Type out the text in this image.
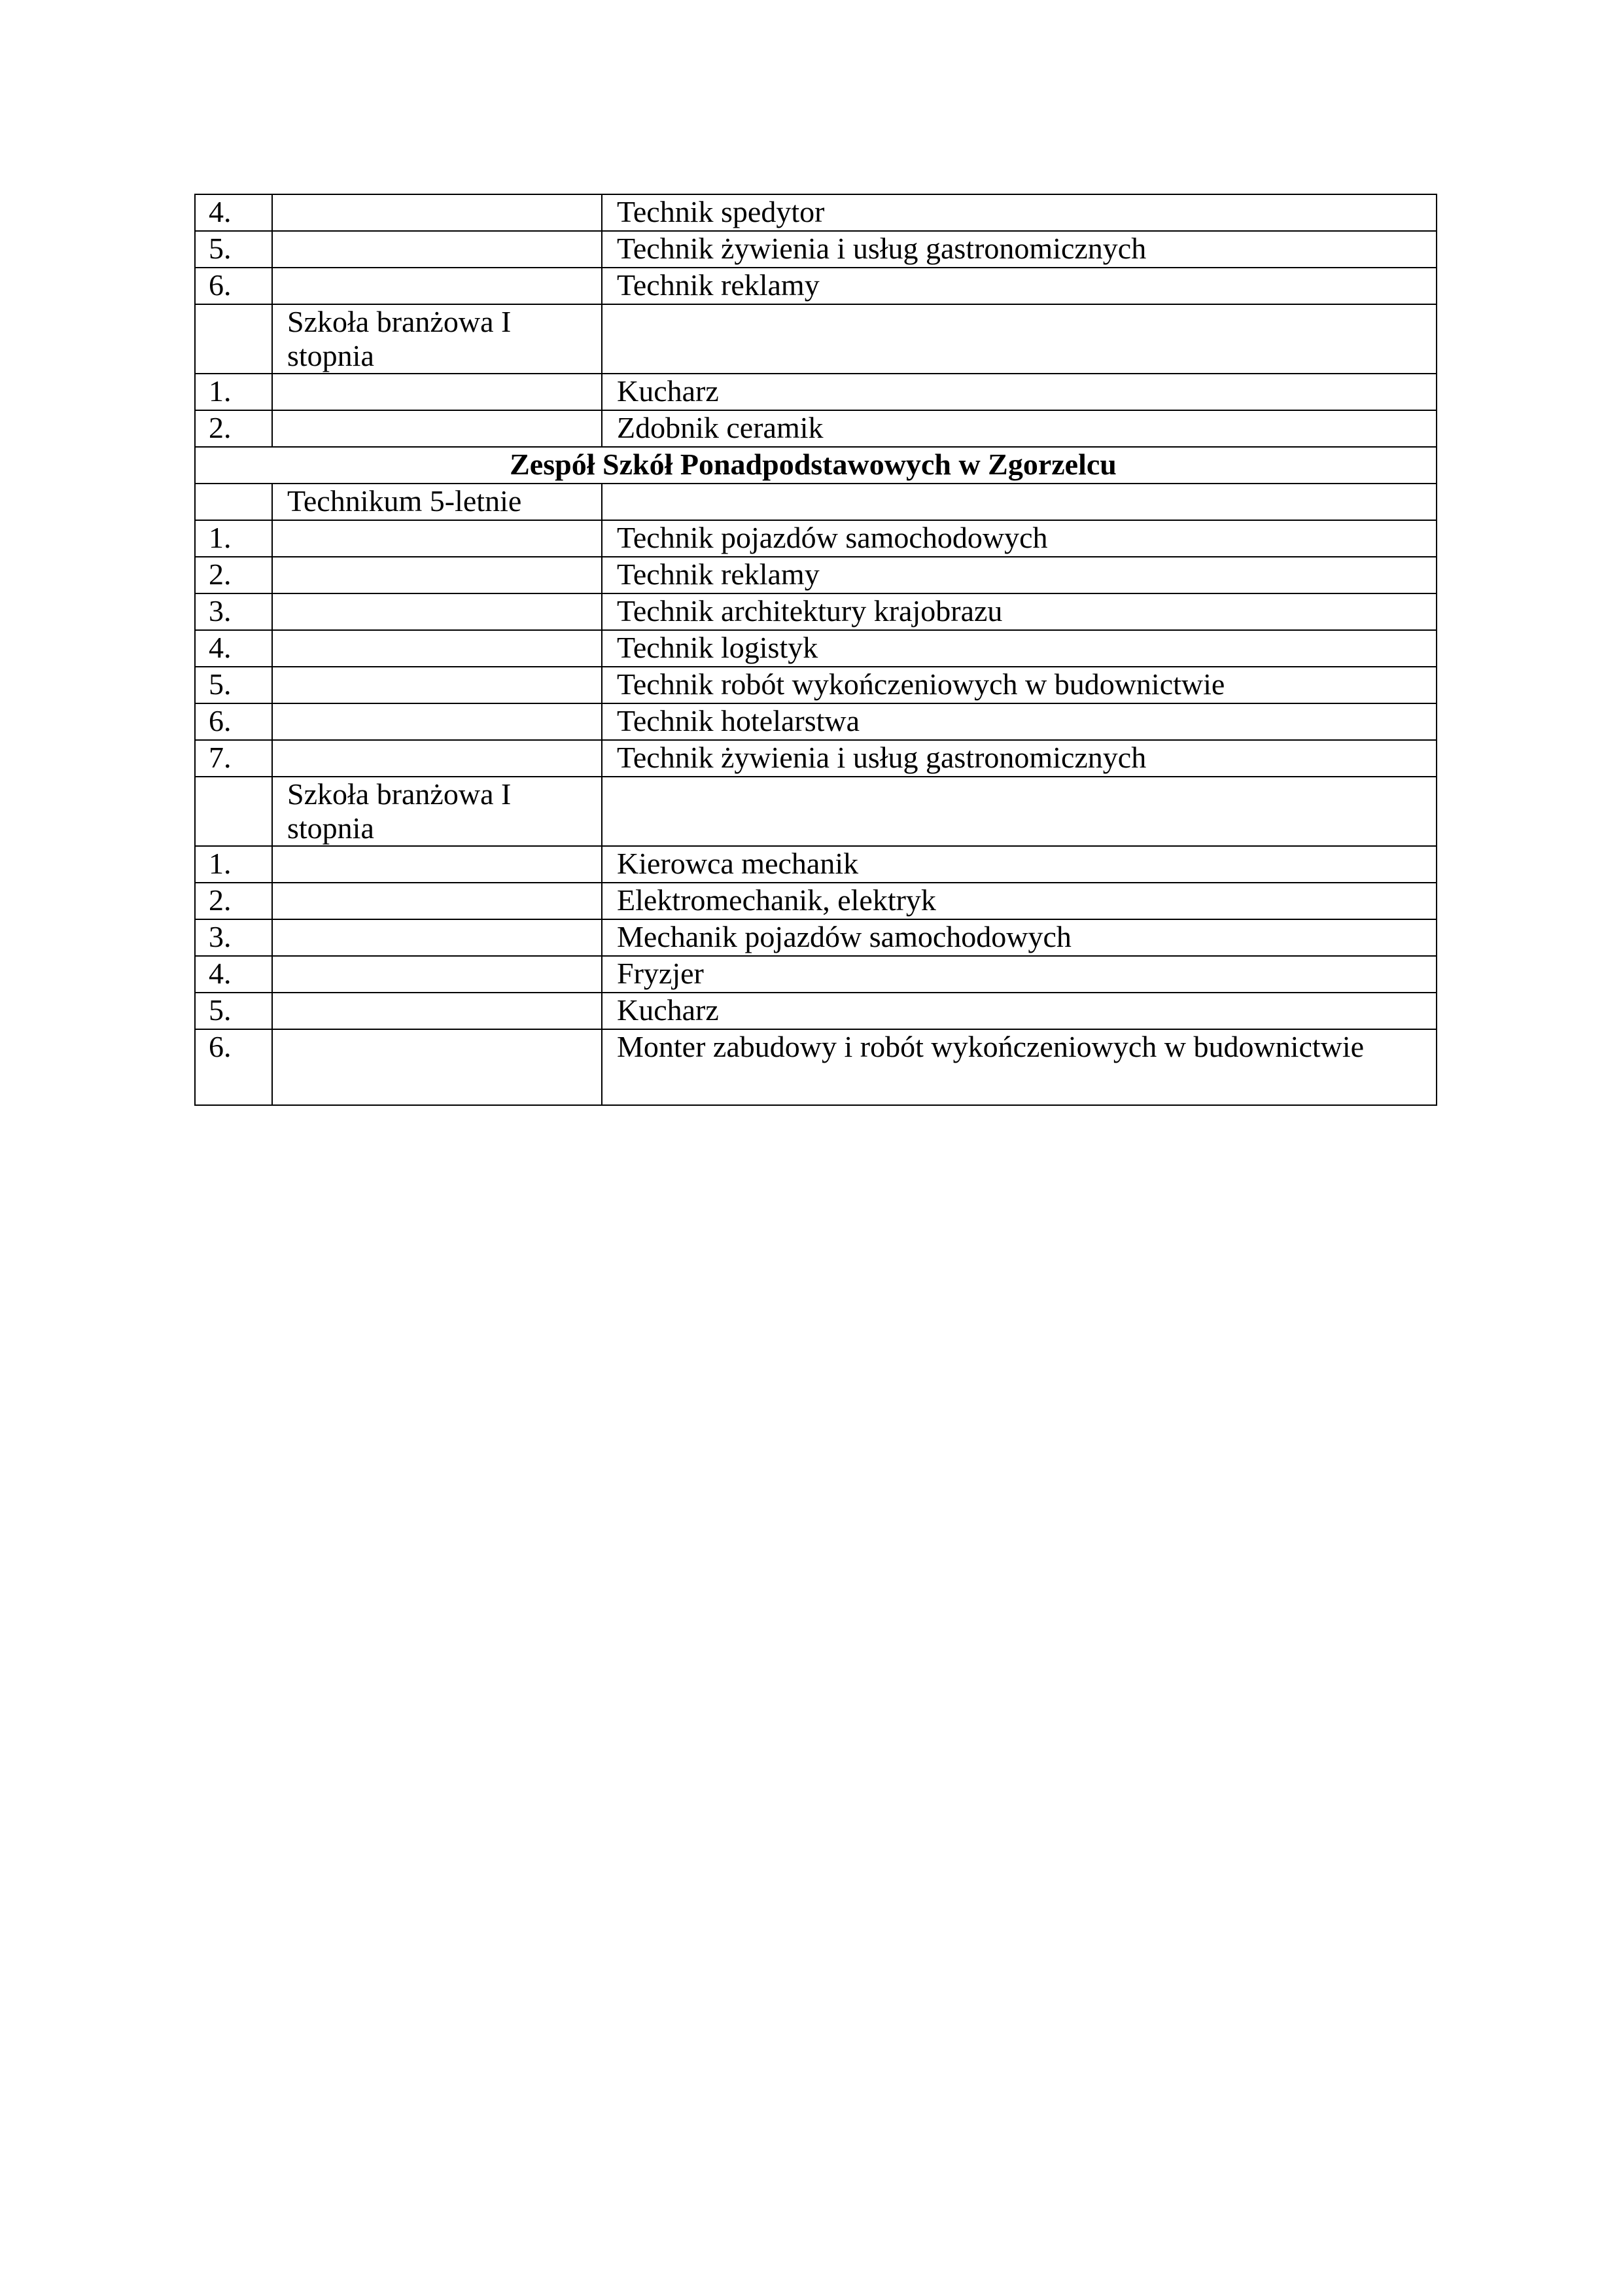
4.		Technik spedytor
5.		Technik żywienia i usług gastronomicznych
6.		Technik reklamy
	Szkoła branżowa I stopnia	
1.		Kucharz
2.		Zdobnik ceramik
Zespół Szkół Ponadpodstawowych w Zgorzelcu		
	Technikum 5-letnie	
1.		Technik pojazdów samochodowych
2.		Technik reklamy
3.		Technik architektury krajobrazu
4.		Technik logistyk
5.		Technik robót wykończeniowych w budownictwie
6.		Technik hotelarstwa
7.		Technik żywienia i usług gastronomicznych
	Szkoła branżowa I stopnia	
1.		Kierowca mechanik
2.		Elektromechanik, elektryk
3.		Mechanik pojazdów samochodowych
4.		Fryzjer
5.		Kucharz
6.		Monter zabudowy i robót wykończeniowych w budownictwie
